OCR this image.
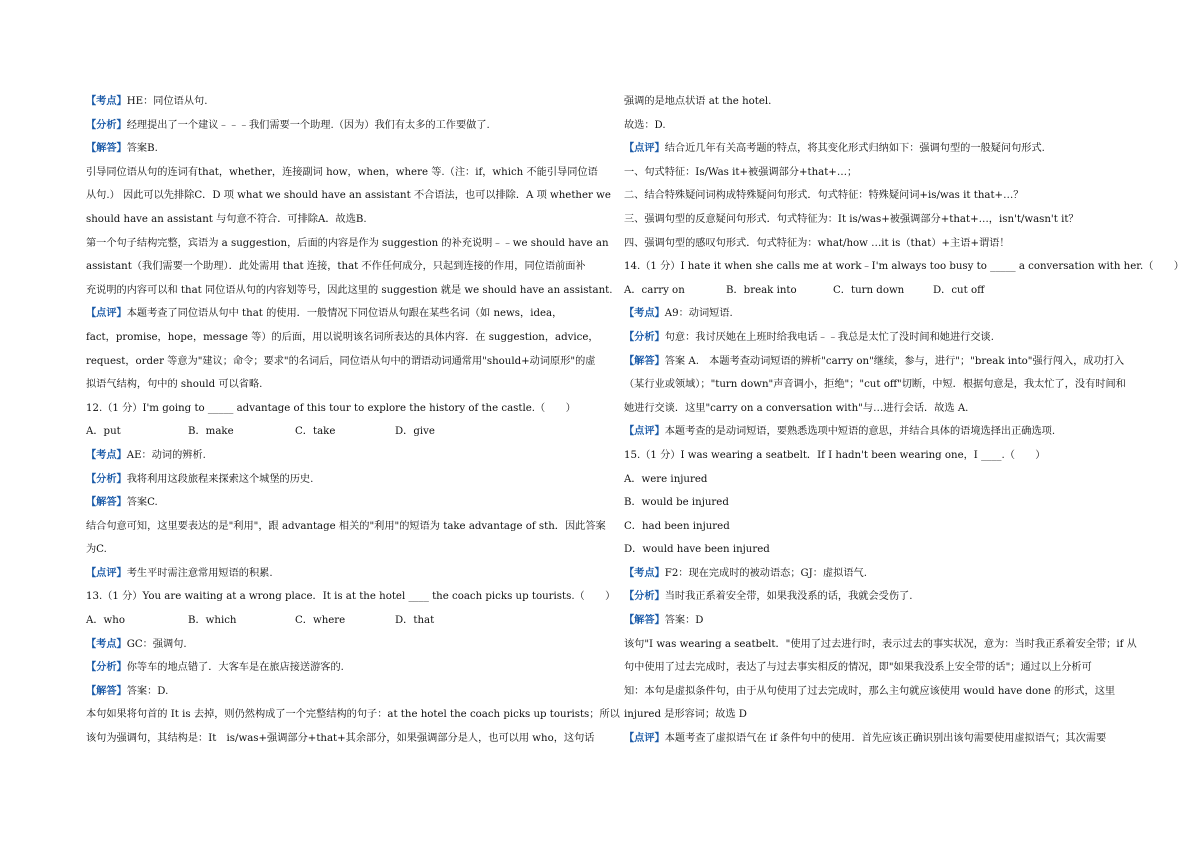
【考点】HE：同位语从句.
【分析】经理提出了一个建议﹣﹣﹣我们需要一个助理.（因为）我们有太多的工作要做了.
【解答】答案B.
引导同位语从句的连词有that，whether，连接副词 how，when，where 等.（注：if，which 不能引导同位语
从句.） 因此可以先排除C．D 项 what we should have an assistant 不合语法，也可以排除．A 项 whether we
should have an assistant 与句意不符合．可排除A．故选B.
第一个句子结构完整，宾语为 a suggestion，后面的内容是作为 suggestion 的补充说明﹣﹣we should have an
assistant（我们需要一个助理）．此处需用 that 连接，that 不作任何成分，只起到连接的作用，同位语前面补
充说明的内容可以和 that 同位语从句的内容划等号，因此这里的 suggestion 就是 we should have an assistant.
【点评】本题考查了同位语从句中 that 的使用．一般情况下同位语从句跟在某些名词（如 news，idea，
fact，promise，hope，message 等）的后面，用以说明该名词所表达的具体内容．在 suggestion，advice，
request，order 等意为"建议；命令；要求"的名词后，同位语从句中的谓语动词通常用"should+动词原形"的虚
拟语气结构，句中的 should 可以省略.
12.（1 分）I'm going to _____ advantage of this tour to explore the history of the castle.（　　）
A．put	B．make	C．take	D．give
【考点】AE：动词的辨析.
【分析】我将利用这段旅程来探索这个城堡的历史.
【解答】答案C.
结合句意可知，这里要表达的是"利用"，跟 advantage 相关的"利用"的短语为 take advantage of sth．因此答案
为C.
【点评】考生平时需注意常用短语的积累.
13.（1 分）You are waiting at a wrong place．It is at the hotel ____ the coach picks up tourists.（　　）
A．who	B．which	C．where	D．that
【考点】GC：强调句.
【分析】你等车的地点错了．大客车是在旅店接送游客的.
【解答】答案：D.
本句如果将句首的 It is 去掉，则仍然构成了一个完整结构的句子：at the hotel the coach picks up tourists；所以
该句为强调句，其结构是：It　is/was+强调部分+that+其余部分，如果强调部分是人，也可以用 who，这句话
强调的是地点状语 at the hotel.
故选：D.
【点评】结合近几年有关高考题的特点，将其变化形式归纳如下：强调句型的一般疑问句形式.
一、句式特征：Is/Was it+被强调部分+that+…；
二、结合特殊疑问词构成特殊疑问句形式．句式特征：特殊疑问词+is/was it that+…？
三、强调句型的反意疑问句形式．句式特征为：It is/was+被强调部分+that+…，isn't/wasn't it？
四、强调句型的感叹句形式．句式特征为：what/how …it is（that）+主语+谓语！
14.（1 分）I hate it when she calls me at work﹣I'm always too busy to _____ a conversation with her.（　　）
A．carry on	B．break into	C．turn down	D．cut off
【考点】A9：动词短语.
【分析】句意：我讨厌她在上班时给我电话﹣﹣我总是太忙了没时间和她进行交谈.
【解答】答案 A.　本题考查动词短语的辨析"carry on"继续，参与，进行"；"break into"强行闯入，成功打入
（某行业或领域）；"turn down"声音调小，拒绝"；"cut off"切断，中短．根据句意是，我太忙了，没有时间和
她进行交谈．这里"carry on a conversation with"与…进行会话．故选 A.
【点评】本题考查的是动词短语，要熟悉选项中短语的意思，并结合具体的语境选择出正确选项.
15.（1 分）I was wearing a seatbelt．If I hadn't been wearing one，I ____.（　　）
A．were injured
B．would be injured
C．had been injured
D．would have been injured
【考点】F2：现在完成时的被动语态；GJ：虚拟语气.
【分析】当时我正系着安全带，如果我没系的话，我就会受伤了.
【解答】答案：D
该句"I was wearing a seatbelt．"使用了过去进行时，表示过去的事实状况，意为：当时我正系着安全带；if 从
句中使用了过去完成时，表达了与过去事实相反的情况，即"如果我没系上安全带的话"；通过以上分析可
知：本句是虚拟条件句，由于从句使用了过去完成时，那么主句就应该使用 would have done 的形式，这里
injured 是形容词；故选 D
【点评】本题考查了虚拟语气在 if 条件句中的使用．首先应该正确识别出该句需要使用虚拟语气；其次需要
